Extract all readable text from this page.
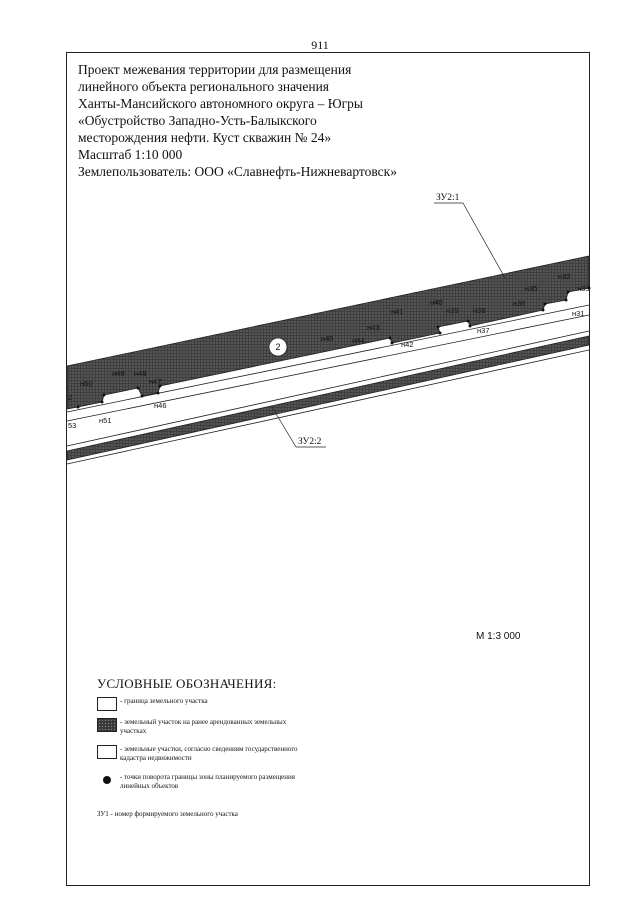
911
Проект межевания территории для размещения
линейного объекта регионального значения
Ханты-Мансийского автономного округа – Югры
«Обустройство Западно-Усть-Балыкского
месторождения нефти. Куст скважин № 24»
Масштаб 1:10 000
Землепользователь: ООО «Славнефть-Нижневартовск»
ЗУ2:1
ЗУ2:2
2
н32
н33
н31
н35
н36
н40
н39 н38
н37
н41
н43
н42
н45 н44
н49 н48
н47
н50
н46
н51
2
53
М 1:3 000
УСЛОВНЫЕ ОБОЗНАЧЕНИЯ:
- граница земельного участка
- земельный участок на ранее арендованных земельных участках
- земельные участки, согласно сведениям государственного кадастра недвижимости
- точки поворота границы зоны планируемого размещения линейных объектов
ЗУ1 - номер формируемого земельного участка
